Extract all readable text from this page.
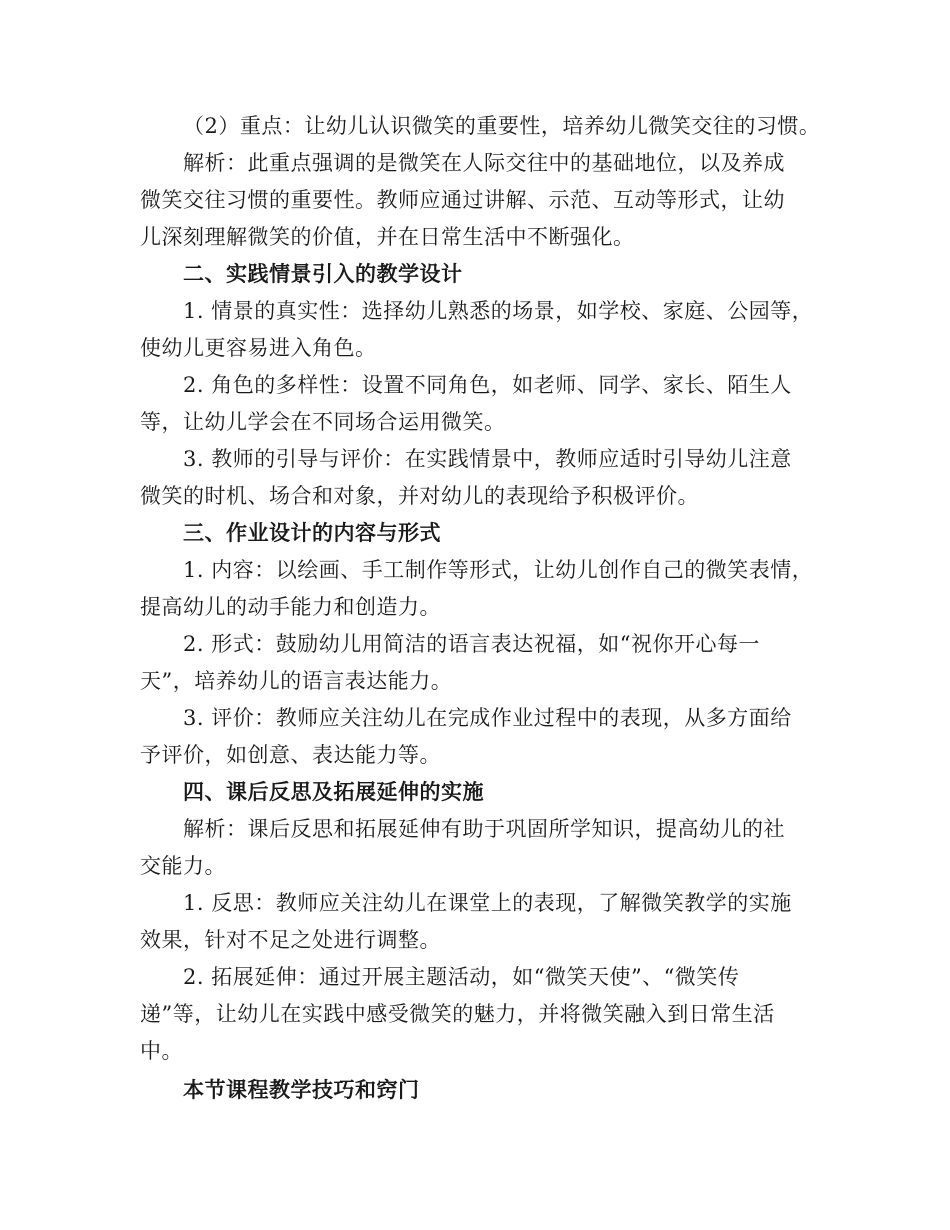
（2）重点：让幼儿认识微笑的重要性，培养幼儿微笑交往的习惯。
解析：此重点强调的是微笑在人际交往中的基础地位，以及养成
微笑交往习惯的重要性。教师应通过讲解、示范、互动等形式，让幼
儿深刻理解微笑的价值，并在日常生活中不断强化。
二、实践情景引入的教学设计
1. 情景的真实性：选择幼儿熟悉的场景，如学校、家庭、公园等，
使幼儿更容易进入角色。
2. 角色的多样性：设置不同角色，如老师、同学、家长、陌生人
等，让幼儿学会在不同场合运用微笑。
3. 教师的引导与评价：在实践情景中，教师应适时引导幼儿注意
微笑的时机、场合和对象，并对幼儿的表现给予积极评价。
三、作业设计的内容与形式
1. 内容：以绘画、手工制作等形式，让幼儿创作自己的微笑表情，
提高幼儿的动手能力和创造力。
2. 形式：鼓励幼儿用简洁的语言表达祝福，如“祝你开心每一
天”，培养幼儿的语言表达能力。
3. 评价：教师应关注幼儿在完成作业过程中的表现，从多方面给
予评价，如创意、表达能力等。
四、课后反思及拓展延伸的实施
解析：课后反思和拓展延伸有助于巩固所学知识，提高幼儿的社
交能力。
1. 反思：教师应关注幼儿在课堂上的表现，了解微笑教学的实施
效果，针对不足之处进行调整。
2. 拓展延伸：通过开展主题活动，如“微笑天使”、“微笑传
递”等，让幼儿在实践中感受微笑的魅力，并将微笑融入到日常生活
中。
本节课程教学技巧和窍门
